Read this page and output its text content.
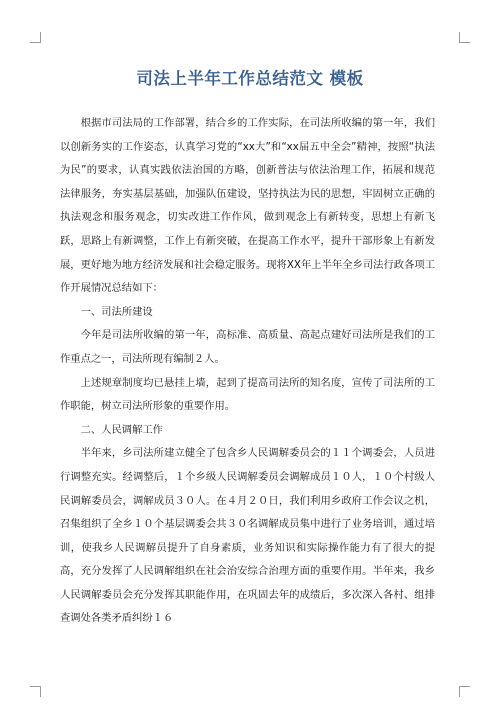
司法上半年工作总结范文 模板

根据市司法局的工作部署，结合乡的工作实际，在司法所收编的第一年，我们以创新务实的工作姿态，认真学习党的“xx大”和“xx届五中全会”精神，按照“执法为民”的要求，认真实践依法治国的方略，创新普法与依法治理工作，拓展和规范法律服务，夯实基层基础，加强队伍建设，坚持执法为民的思想，牢固树立正确的执法观念和服务观念，切实改进工作作风，做到观念上有新转变，思想上有新飞跃，思路上有新调整，工作上有新突破，在提高工作水平，提升干部形象上有新发展，更好地为地方经济发展和社会稳定服务。现将XX年上半年全乡司法行政各项工作开展情况总结如下：

一、司法所建设

今年是司法所收编的第一年，高标准、高质量、高起点建好司法所是我们的工作重点之一，司法所现有编制２人。

上述规章制度均已悬挂上墙，起到了提高司法所的知名度，宣传了司法所的工作职能，树立司法所形象的重要作用。

二、人民调解工作

半年来，乡司法所建立健全了包含乡人民调解委员会的１１个调委会，人员进行调整充实。经调整后，１个乡级人民调解委员会调解成员１０人，１０个村级人民调解委员会，调解成员３０人。在４月２０日，我们利用乡政府工作会议之机，召集组织了全乡１０个基层调委会共３０名调解成员集中进行了业务培训，通过培训，使我乡人民调解员提升了自身素质，业务知识和实际操作能力有了很大的提高，充分发挥了人民调解组织在社会治安综合治理方面的重要作用。半年来，我乡人民调解委员会充分发挥其职能作用，在巩固去年的成绩后，多次深入各村、组排查调处各类矛盾纠纷１６
